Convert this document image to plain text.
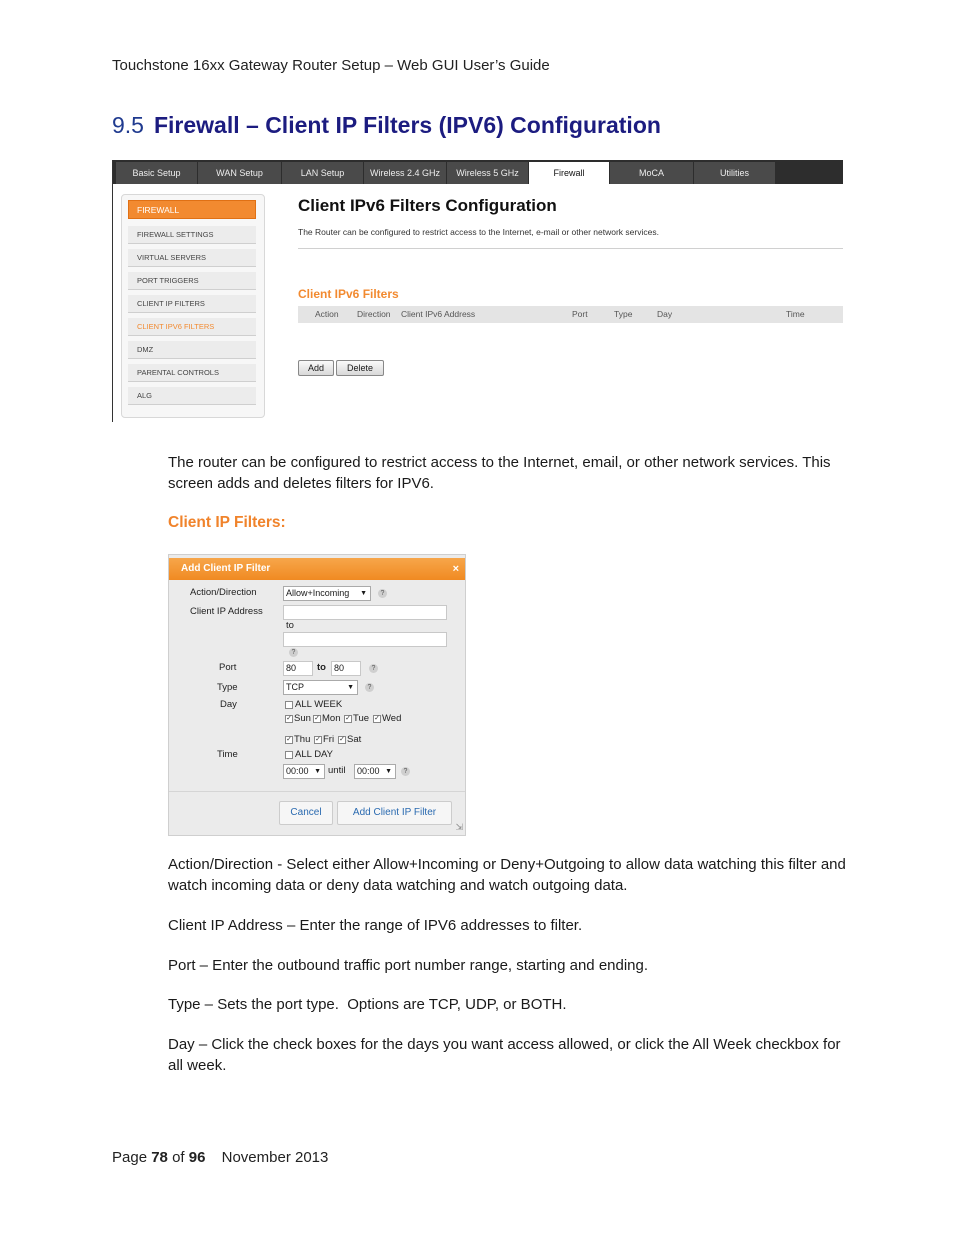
Touchstone 16xx Gateway Router Setup – Web GUI User’s Guide
9.5 Firewall – Client IP Filters (IPV6) Configuration
Basic Setup	WAN Setup	LAN Setup	Wireless 2.4 GHz	Wireless 5 GHz	Firewall	MoCA	Utilities
FIREWALL
FIREWALL SETTINGS
VIRTUAL SERVERS
PORT TRIGGERS
CLIENT IP FILTERS
CLIENT IPV6 FILTERS
DMZ
PARENTAL CONTROLS
ALG
Client IPv6 Filters Configuration
The Router can be configured to restrict access to the Internet, e-mail or other network services.
Client IPv6 Filters
Action Direction Client IPv6 Address	Port	Type	Day	Time
Add	Delete
The router can be configured to restrict access to the Internet, email, or other network services. This screen adds and deletes filters for IPV6.
Client IP Filters:
Add Client IP Filter	×
Action/Direction	Allow+Incoming ▼	?
Client IP Address
to
?
Port	80	to 80	?
Type	TCP	▼	?
Day	ALL WEEK
✓ Sun ✓ Mon ✓ Tue ✓ Wed
✓ Thu ✓ Fri ✓ Sat
Time	ALL DAY
00:00 ▼ until	00:00 ▼	?
Cancel	Add Client IP Filter
⇲
Action/Direction - Select either Allow+Incoming or Deny+Outgoing to allow data watching this filter and watch incoming data or deny data watching and watch outgoing data.
Client IP Address – Enter the range of IPV6 addresses to filter.
Port – Enter the outbound traffic port number range, starting and ending.
Type – Sets the port type.  Options are TCP, UDP, or BOTH.
Day – Click the check boxes for the days you want access allowed, or click the All Week checkbox for all week.
Page 78 of 96 November 2013
